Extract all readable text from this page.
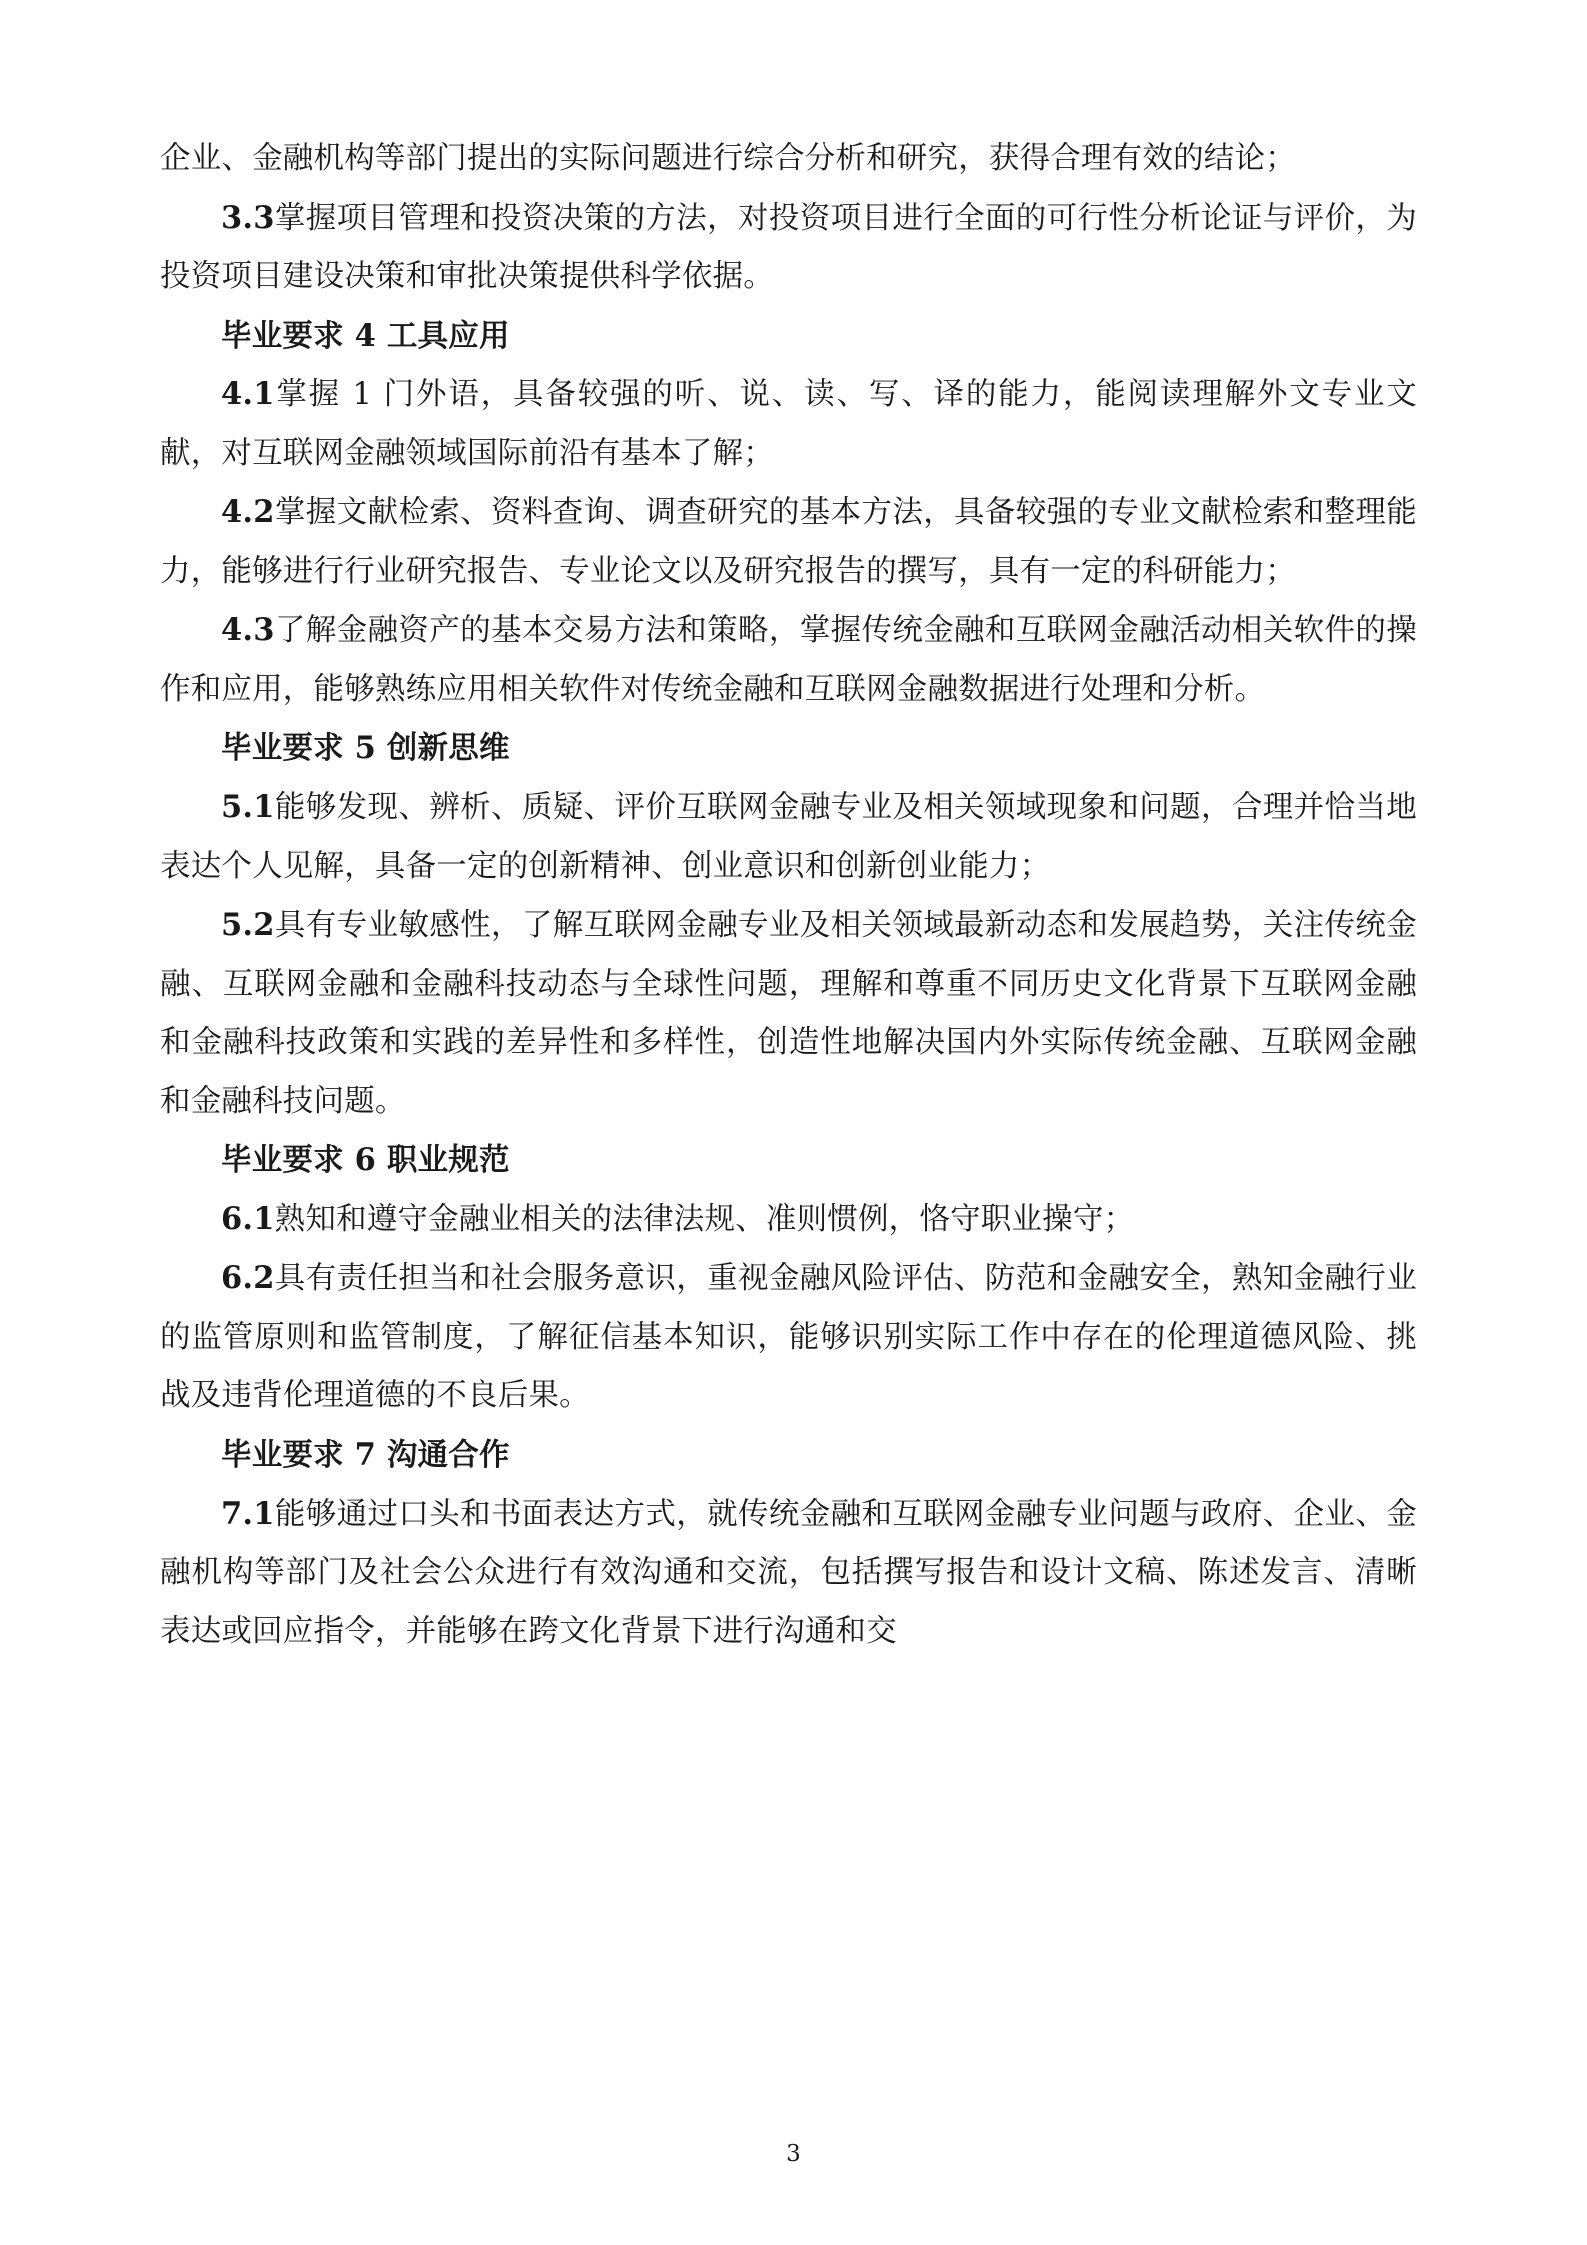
企业、金融机构等部门提出的实际问题进行综合分析和研究，获得合理有效的结论；

3.3掌握项目管理和投资决策的方法，对投资项目进行全面的可行性分析论证与评价，为投资项目建设决策和审批决策提供科学依据。

毕业要求 4 工具应用

4.1掌握 1 门外语，具备较强的听、说、读、写、译的能力，能阅读理解外文专业文献，对互联网金融领域国际前沿有基本了解；

4.2掌握文献检索、资料查询、调查研究的基本方法，具备较强的专业文献检索和整理能力，能够进行行业研究报告、专业论文以及研究报告的撰写，具有一定的科研能力；

4.3了解金融资产的基本交易方法和策略，掌握传统金融和互联网金融活动相关软件的操作和应用，能够熟练应用相关软件对传统金融和互联网金融数据进行处理和分析。

毕业要求 5 创新思维

5.1能够发现、辨析、质疑、评价互联网金融专业及相关领域现象和问题，合理并恰当地表达个人见解，具备一定的创新精神、创业意识和创新创业能力；

5.2具有专业敏感性，了解互联网金融专业及相关领域最新动态和发展趋势，关注传统金融、互联网金融和金融科技动态与全球性问题，理解和尊重不同历史文化背景下互联网金融和金融科技政策和实践的差异性和多样性，创造性地解决国内外实际传统金融、互联网金融和金融科技问题。

毕业要求 6 职业规范

6.1熟知和遵守金融业相关的法律法规、准则惯例，恪守职业操守；

6.2具有责任担当和社会服务意识，重视金融风险评估、防范和金融安全，熟知金融行业的监管原则和监管制度，了解征信基本知识，能够识别实际工作中存在的伦理道德风险、挑战及违背伦理道德的不良后果。

毕业要求 7 沟通合作

7.1能够通过口头和书面表达方式，就传统金融和互联网金融专业问题与政府、企业、金融机构等部门及社会公众进行有效沟通和交流，包括撰写报告和设计文稿、陈述发言、清晰表达或回应指令，并能够在跨文化背景下进行沟通和交

3
